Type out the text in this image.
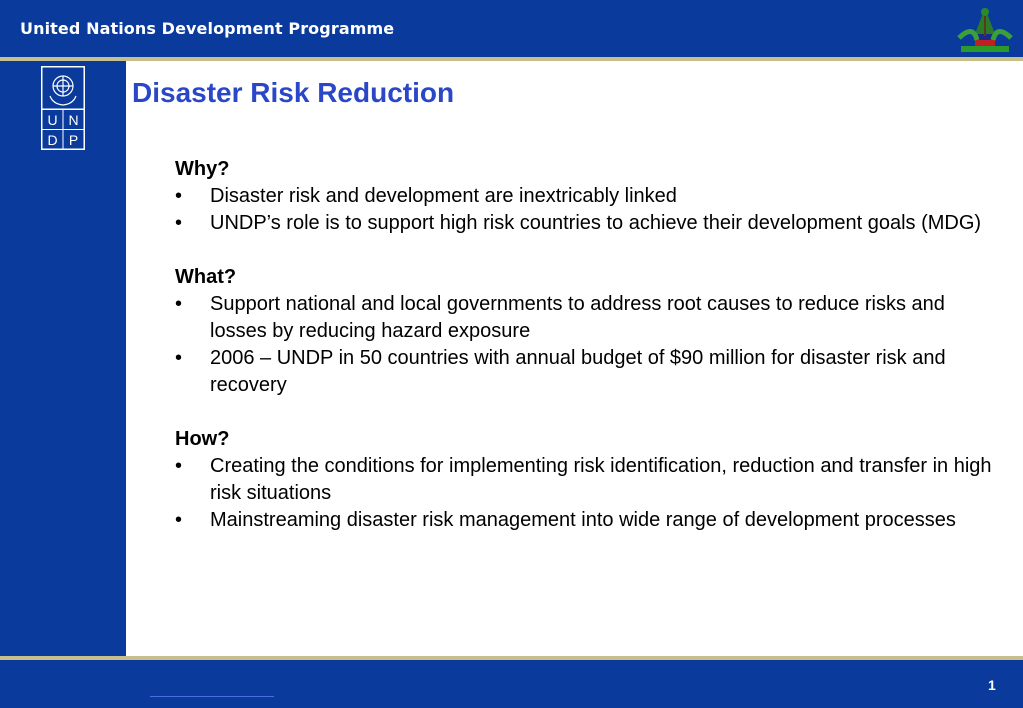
United Nations Development Programme
U N
D P
Disaster Risk Reduction

Why?

• Disaster risk and development are inextricably linked
• UNDP’s role is to support high risk countries to achieve their development goals (MDG)

What?

• Support national and local governments to address root causes to reduce risks and losses by reducing hazard exposure
• 2006 – UNDP in 50 countries with annual budget of $90 million for disaster risk and recovery

How?

• Creating the conditions for implementing risk identification, reduction and transfer in high risk situations
• Mainstreaming disaster risk management into wide range of development processes
1
